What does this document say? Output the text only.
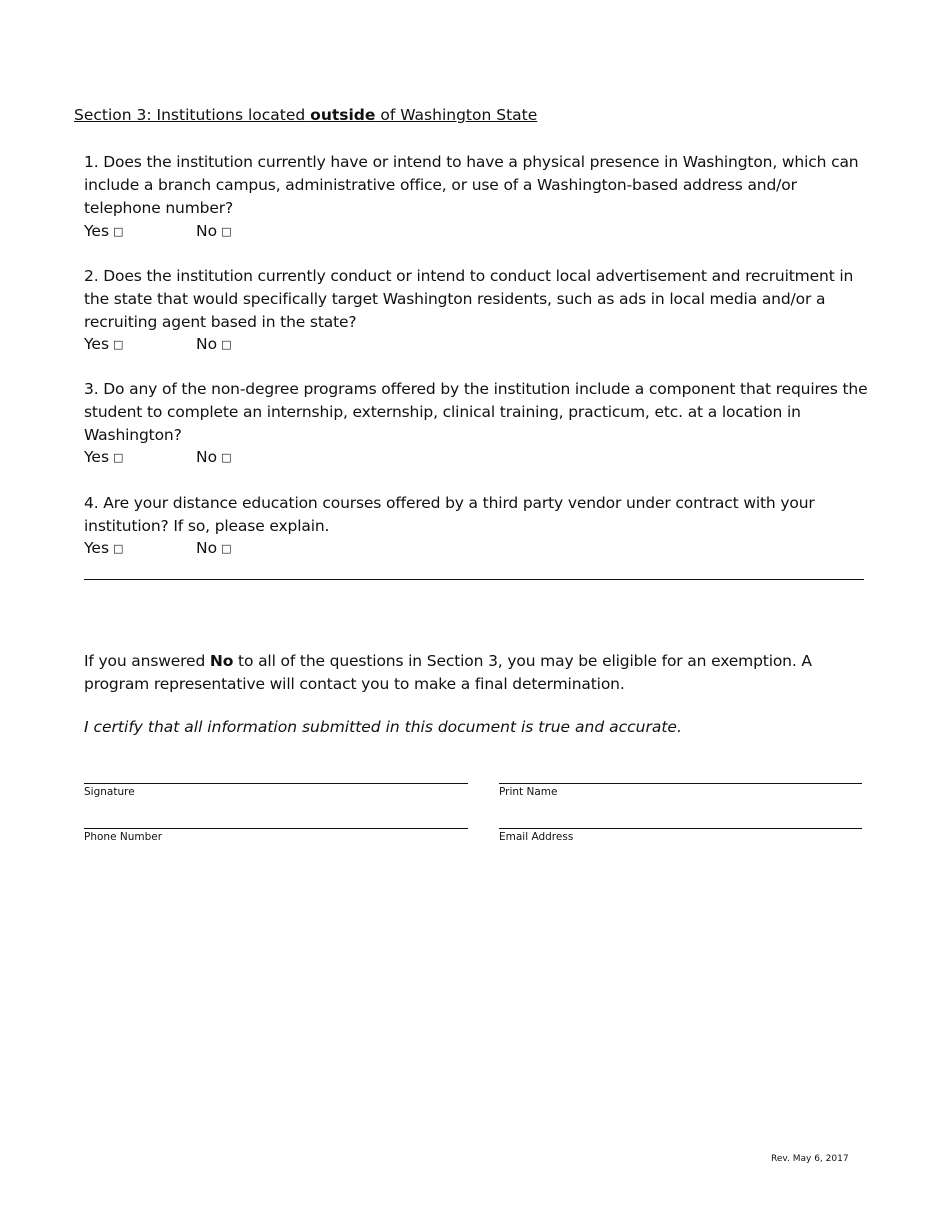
Section 3: Institutions located outside of Washington State
1. Does the institution currently have or intend to have a physical presence in Washington, which can include a branch campus, administrative office, or use of a Washington-based address and/or telephone number?
Yes □	No □
2. Does the institution currently conduct or intend to conduct local advertisement and recruitment in the state that would specifically target Washington residents, such as ads in local media and/or a recruiting agent based in the state?
Yes □	No □
3. Do any of the non-degree programs offered by the institution include a component that requires the student to complete an internship, externship, clinical training, practicum, etc. at a location in Washington?
Yes □	No □
4. Are your distance education courses offered by a third party vendor under contract with your institution? If so, please explain.
Yes □	No □
If you answered No to all of the questions in Section 3, you may be eligible for an exemption. A program representative will contact you to make a final determination.
I certify that all information submitted in this document is true and accurate.
Signature	Print Name
Phone Number	Email Address
Rev. May 6, 2017
